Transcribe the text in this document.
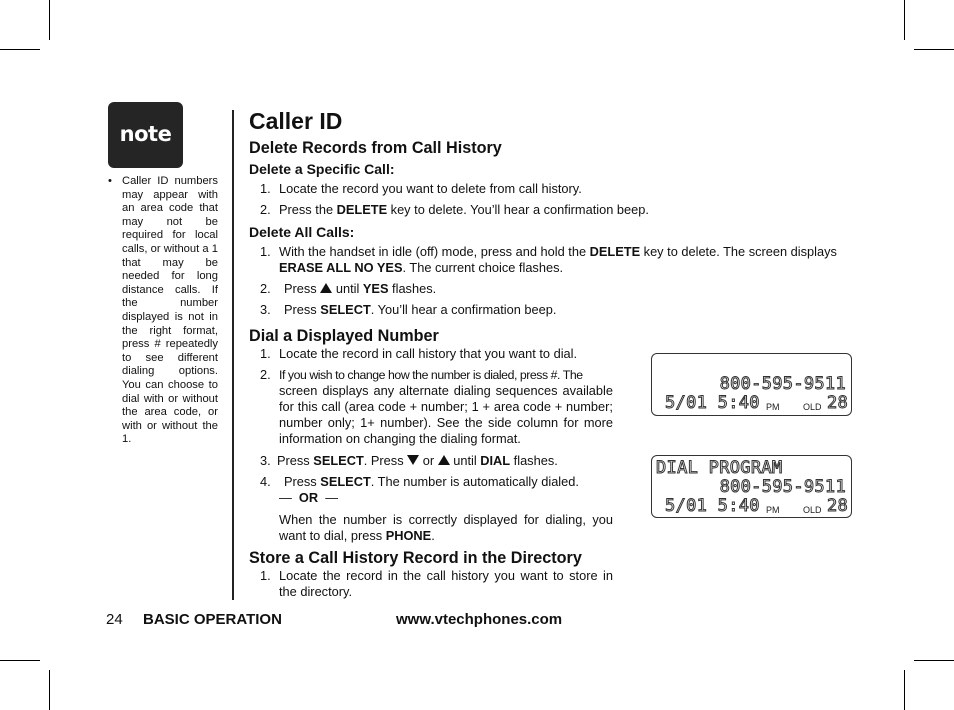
note
• Caller ID numbers may appear with an area code that may not be required for local calls, or without a 1 that may be needed for long distance calls. If the number displayed is not in the right format, press # repeatedly to see different dialing options. You can choose to dial with or without the area code, or with or without the 1.
Caller ID
Delete Records from Call History
Delete a Specific Call:
1. Locate the record you want to delete from call history.
2. Press the DELETE key to delete. You’ll hear a confirmation beep.
Delete All Calls:
1. With the handset in idle (off) mode, press and hold the DELETE key to delete. The screen displays ERASE ALL NO YES. The current choice flashes.
2. Press  until YES flashes.
3. Press SELECT. You’ll hear a confirmation beep.
Dial a Displayed Number
1. Locate the record in call history that you want to dial.
2. If you wish to change how the number is dialed, press #. The
screen displays any alternate dialing sequences available for this call (area code + number; 1 + area code + number; number only; 1+ number). See the side column for more information on changing the dialing format.
3. Press SELECT. Press  or  until DIAL flashes.
4. Press SELECT. The number is automatically dialed.
— OR —
When the number is correctly displayed for dialing, you want to dial, press PHONE.
Store a Call History Record in the Directory
1. Locate the record in the call history you want to store in the directory.
800-595-9511
5/01 5:40 PM	OLD 28
DIAL PROGRAM
800-595-9511
5/01 5:40 PM	OLD 28
24 BASIC OPERATION	www.vtechphones.com
